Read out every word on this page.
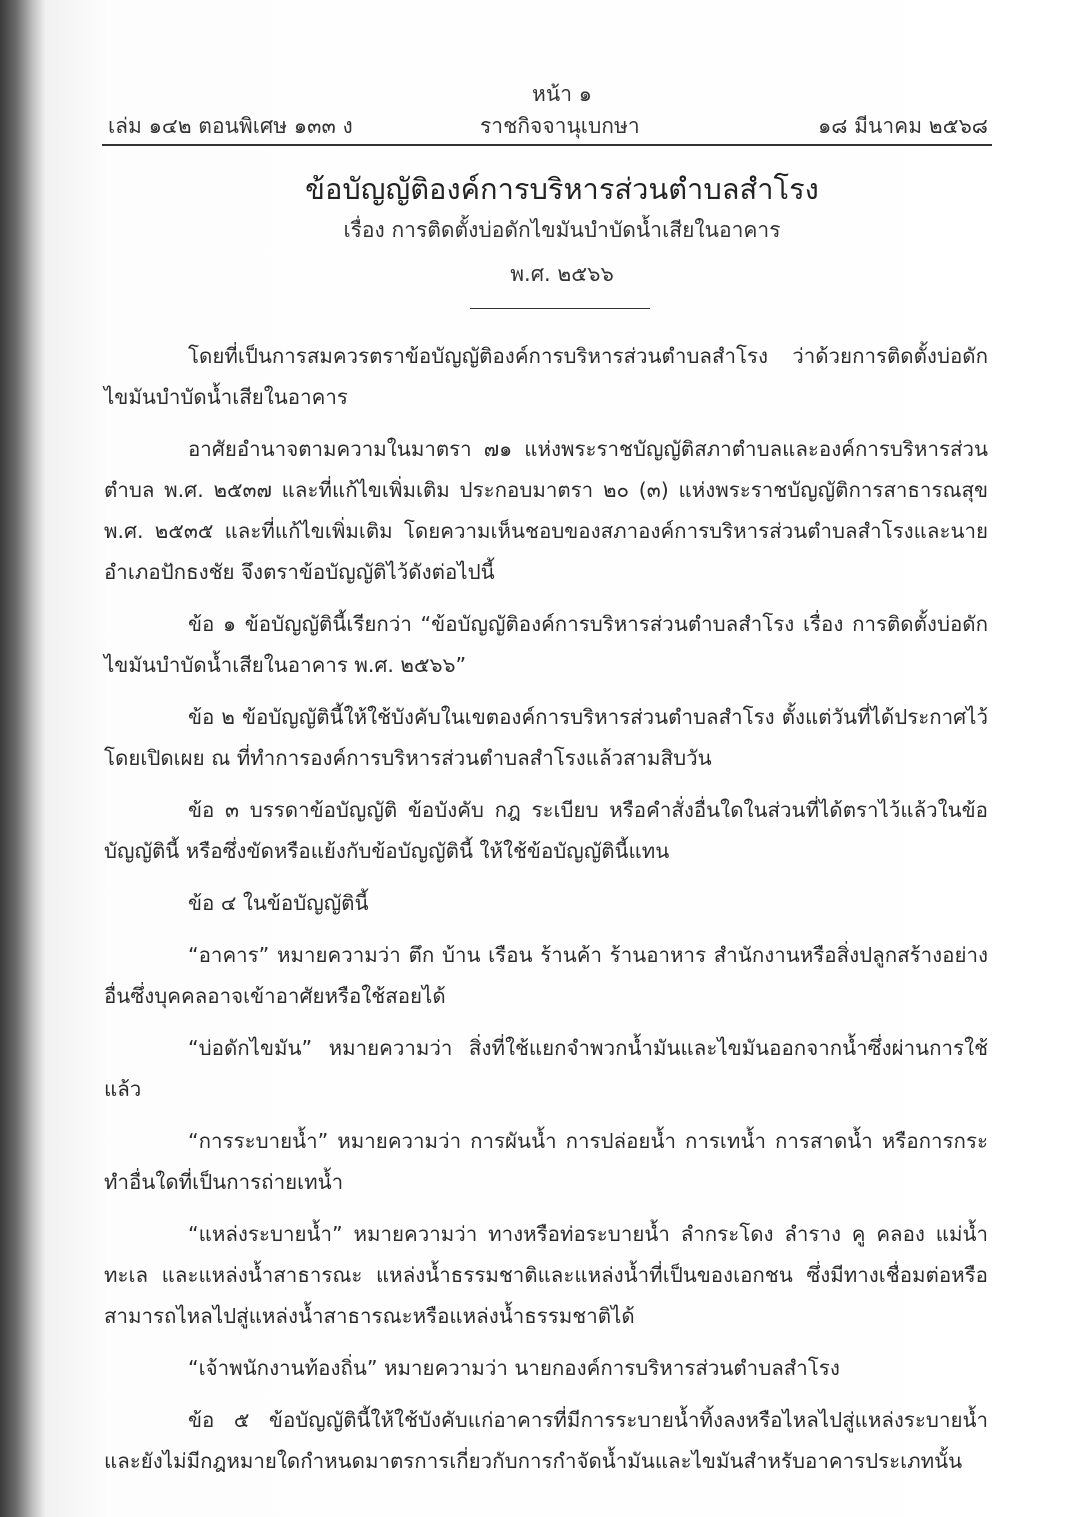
หน้า ๑
เล่ม ๑๔๒ ตอนพิเศษ ๑๓๓ ง	ราชกิจจานุเบกษา	๑๘ มีนาคม ๒๕๖๘
ข้อบัญญัติองค์การบริหารส่วนตำบลสำโรง
เรื่อง การติดตั้งบ่อดักไขมันบำบัดน้ำเสียในอาคาร
พ.ศ. ๒๕๖๖

โดยที่เป็นการสมควรตราข้อบัญญัติองค์การบริหารส่วนตำบลสำโรง ว่าด้วยการติดตั้งบ่อดักไขมันบำบัดน้ำเสียในอาคาร

อาศัยอำนาจตามความในมาตรา ๗๑ แห่งพระราชบัญญัติสภาตำบลและองค์การบริหารส่วนตำบล พ.ศ. ๒๕๓๗ และที่แก้ไขเพิ่มเติม ประกอบมาตรา ๒๐ (๓) แห่งพระราชบัญญัติการสาธารณสุข พ.ศ. ๒๕๓๕ และที่แก้ไขเพิ่มเติม โดยความเห็นชอบของสภาองค์การบริหารส่วนตำบลสำโรงและนายอำเภอปักธงชัย จึงตราข้อบัญญัติไว้ดังต่อไปนี้

ข้อ ๑ ข้อบัญญัตินี้เรียกว่า “ข้อบัญญัติองค์การบริหารส่วนตำบลสำโรง เรื่อง การติดตั้งบ่อดักไขมันบำบัดน้ำเสียในอาคาร พ.ศ. ๒๕๖๖”

ข้อ ๒ ข้อบัญญัตินี้ให้ใช้บังคับในเขตองค์การบริหารส่วนตำบลสำโรง ตั้งแต่วันที่ได้ประกาศไว้โดยเปิดเผย ณ ที่ทำการองค์การบริหารส่วนตำบลสำโรงแล้วสามสิบวัน

ข้อ ๓ บรรดาข้อบัญญัติ ข้อบังคับ กฎ ระเบียบ หรือคำสั่งอื่นใดในส่วนที่ได้ตราไว้แล้วในข้อบัญญัตินี้ หรือซึ่งขัดหรือแย้งกับข้อบัญญัตินี้ ให้ใช้ข้อบัญญัตินี้แทน

ข้อ ๔ ในข้อบัญญัตินี้

“อาคาร” หมายความว่า ตึก บ้าน เรือน ร้านค้า ร้านอาหาร สำนักงานหรือสิ่งปลูกสร้างอย่างอื่นซึ่งบุคคลอาจเข้าอาศัยหรือใช้สอยได้

“บ่อดักไขมัน” หมายความว่า สิ่งที่ใช้แยกจำพวกน้ำมันและไขมันออกจากน้ำซึ่งผ่านการใช้แล้ว

“การระบายน้ำ” หมายความว่า การผันน้ำ การปล่อยน้ำ การเทน้ำ การสาดน้ำ หรือการกระทำอื่นใดที่เป็นการถ่ายเทน้ำ

“แหล่งระบายน้ำ” หมายความว่า ทางหรือท่อระบายน้ำ ลำกระโดง ลำราง คู คลอง แม่น้ำ ทะเล และแหล่งน้ำสาธารณะ แหล่งน้ำธรรมชาติและแหล่งน้ำที่เป็นของเอกชน ซึ่งมีทางเชื่อมต่อหรือสามารถไหลไปสู่แหล่งน้ำสาธารณะหรือแหล่งน้ำธรรมชาติได้

“เจ้าพนักงานท้องถิ่น” หมายความว่า นายกองค์การบริหารส่วนตำบลสำโรง

ข้อ ๕ ข้อบัญญัตินี้ให้ใช้บังคับแก่อาคารที่มีการระบายน้ำทิ้งลงหรือไหลไปสู่แหล่งระบายน้ำและยังไม่มีกฎหมายใดกำหนดมาตรการเกี่ยวกับการกำจัดน้ำมันและไขมันสำหรับอาคารประเภทนั้น
